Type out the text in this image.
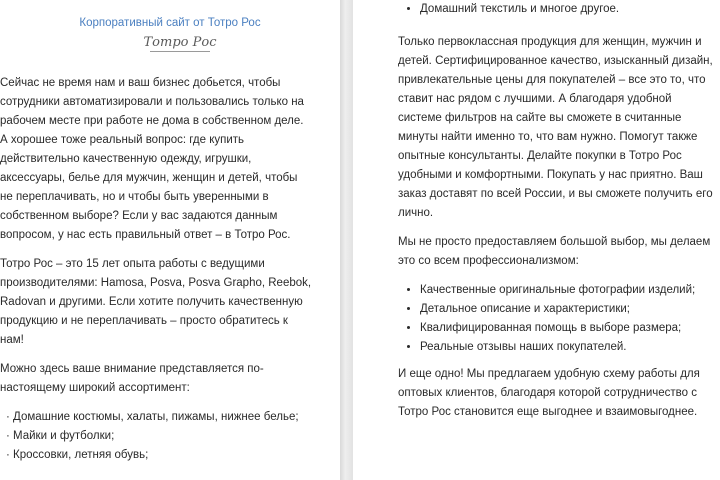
Корпоративный сайт от Тотро Рос
Тотро Рос

Сейчас не время нам и ваш бизнес добьется, чтобы сотрудники автоматизировали и пользовались только на рабочем месте при работе не дома в собственном деле. А хорошее тоже реальный вопрос: где купить действительно качественную одежду, игрушки, аксессуары, белье для мужчин, женщин и детей, чтобы не переплачивать, но и чтобы быть уверенными в собственном выборе? Если у вас задаются данным вопросом, у нас есть правильный ответ – в Тотро Рос.

Тотро Рос – это 15 лет опыта работы с ведущими производителями: Hamosa, Posva, Posva Grapho, Reebok, Radovan и другими. Если хотите получить качественную продукцию и не переплачивать – просто обратитесь к нам!

Можно здесь ваше внимание представляется по-настоящему широкий ассортимент:

· Домашние костюмы, халаты, пижамы, нижнее белье;
· Майки и футболки;
· Кроссовки, летняя обувь;
• Домашний текстиль и многое другое.

Только первоклассная продукция для женщин, мужчин и детей. Сертифицированное качество, изысканный дизайн, привлекательные цены для покупателей – все это то, что ставит нас рядом с лучшими. А благодаря удобной системе фильтров на сайте вы сможете в считанные минуты найти именно то, что вам нужно. Помогут также опытные консультанты. Делайте покупки в Тотро Рос удобными и комфортными. Покупать у нас приятно. Ваш заказ доставят по всей России, и вы сможете получить его лично.

Мы не просто предоставляем большой выбор, мы делаем это со всем профессионализмом:

• Качественные оригинальные фотографии изделий;
• Детальное описание и характеристики;
• Квалифицированная помощь в выборе размера;
• Реальные отзывы наших покупателей.

И еще одно! Мы предлагаем удобную схему работы для оптовых клиентов, благодаря которой сотрудничество с Тотро Рос становится еще выгоднее и взаимовыгоднее.
